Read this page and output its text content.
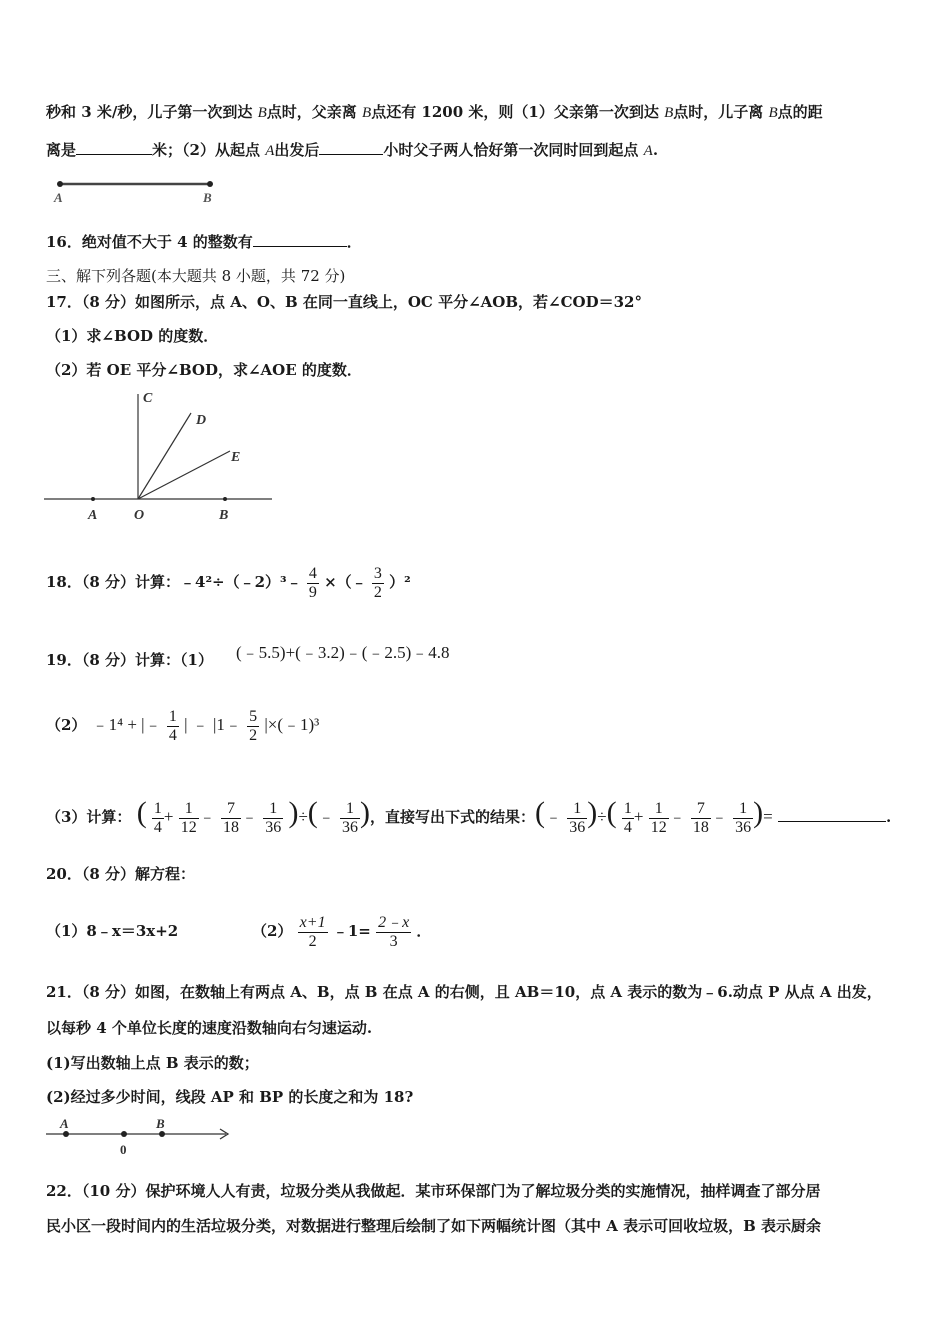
秒和 3 米/秒，儿子第一次到达 B点时，父亲离 B点还有 1200 米，则（1）父亲第一次到达 B点时，儿子离 B点的距
离是	米；（2）从起点 A出发后	小时父子两人恰好第一次同时回到起点 A.
A	B
16．绝对值不大于 4 的整数有	．
三、解下列各题(本大题共 8 小题，共 72 分)
17．（8 分）如图所示，点 A、O、B 在同一直线上，OC 平分∠AOB，若∠COD＝32°
（1）求∠BOD 的度数．
（2）若 OE 平分∠BOD，求∠AOE 的度数．
C
D
E
A	O	B
18．（8 分）计算：﹣4²÷（﹣2）³﹣ $\frac{4}{9}$ ×（﹣ $\frac{3}{2} )^2$
19．（8 分）计算：（1） (﹣5.5)+(﹣3.2)﹣(﹣2.5)﹣4.8
（2） ﹣1⁴ + |﹣ $\frac{1}{4}$ | ﹣ |1﹣ $\frac{5}{2}$ |×(﹣1)³
（3）计算： ( $\frac{1}{4} + \frac{1}{12}$ ﹣ $\frac{7}{18}$ ﹣ $\frac{1}{36}$ )÷(﹣ $\frac{1}{36}$ )，直接写出下式的结果：(﹣ $\frac{1}{36}$ )÷( $\frac{1}{4} + \frac{1}{12}$ ﹣ $\frac{7}{18}$ ﹣ $\frac{1}{36}$ )=	.
20．（8 分）解方程：
（1）8﹣x＝3x+2	$(2) \frac{x+1}{2}$ ﹣1= $\frac{2﹣x}{3}$ ．
21．（8 分）如图，在数轴上有两点 A、B，点 B 在点 A 的右侧，且 AB＝10，点 A 表示的数为﹣6.动点 P 从点 A 出发，
以每秒 4 个单位长度的速度沿数轴向右匀速运动.
(1)写出数轴上点 B 表示的数；
(2)经过多少时间，线段 AP 和 BP 的长度之和为 18?
A	B
0
22．（10 分）保护环境人人有责，垃圾分类从我做起．某市环保部门为了解垃圾分类的实施情况，抽样调查了部分居
民小区一段时间内的生活垃圾分类，对数据进行整理后绘制了如下两幅统计图（其中 A 表示可回收垃圾，B 表示厨余
